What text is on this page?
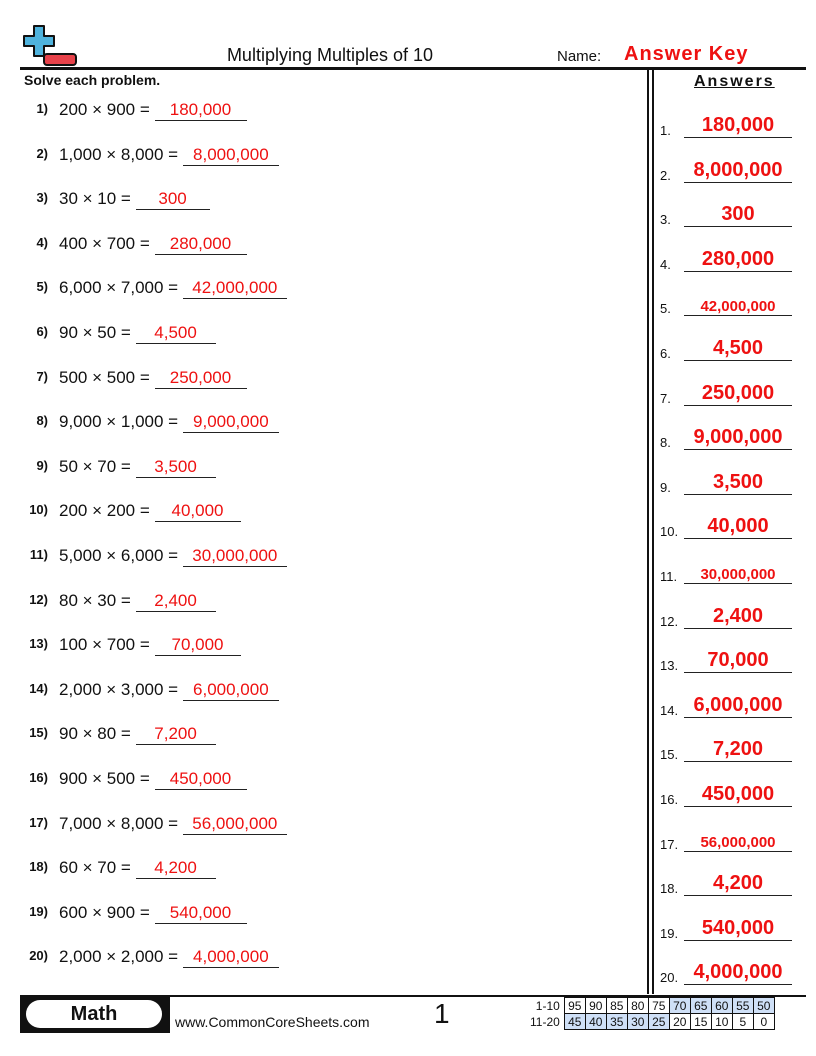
Multiplying Multiples of 10	Name: Answer Key
Solve each problem.	Answers
1) 200 × 900 = 180,000
2) 1,000 × 8,000 = 8,000,000
3) 30 × 10 = 300
4) 400 × 700 = 280,000
5) 6,000 × 7,000 = 42,000,000
6) 90 × 50 = 4,500
7) 500 × 500 = 250,000
8) 9,000 × 1,000 = 9,000,000
9) 50 × 70 = 3,500
10) 200 × 200 = 40,000
11) 5,000 × 6,000 = 30,000,000
12) 80 × 30 = 2,400
13) 100 × 700 = 70,000
14) 2,000 × 3,000 = 6,000,000
15) 90 × 80 = 7,200
16) 900 × 500 = 450,000
17) 7,000 × 8,000 = 56,000,000
18) 60 × 70 = 4,200
19) 600 × 900 = 540,000
20) 2,000 × 2,000 = 4,000,000
1.	180,000
2.	8,000,000
3.	300
4.	280,000
5.	42,000,000
6.	4,500
7.	250,000
8.	9,000,000
9.	3,500
10.	40,000
11.	30,000,000
12.	2,400
13.	70,000
14. 6,000,000
15.	7,200
16.	450,000
17.	56,000,000
18.	4,200
19.	540,000
20. 4,000,000
Math	www.CommonCoreSheets.com 1	1-10	95	90	85	80	75	70	65	60	55	50
11-20	45	40	35	30	25	20	15	10	5	0
